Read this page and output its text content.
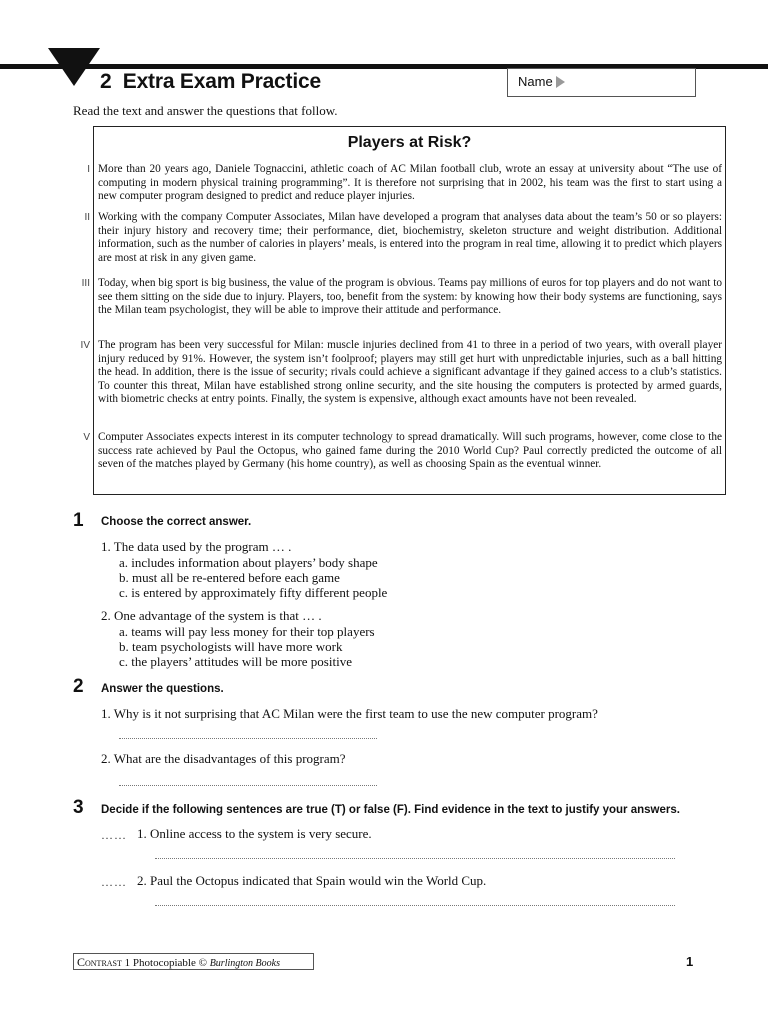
2 Extra Exam Practice	Name
Read the text and answer the questions that follow.
Players at Risk?
More than 20 years ago, Daniele Tognaccini, athletic coach of AC Milan football club, wrote an essay at university about “The use of computing in modern physical training programming”. It is therefore not surprising that in 2002, his team was the first to start using a new computer program designed to predict and reduce player injuries.
Working with the company Computer Associates, Milan have developed a program that analyses data about the team’s 50 or so players: their injury history and recovery time; their performance, diet, biochemistry, skeleton structure and weight distribution. Additional information, such as the number of calories in players’ meals, is entered into the program in real time, allowing it to predict which players are most at risk in any given game.
Today, when big sport is big business, the value of the program is obvious. Teams pay millions of euros for top players and do not want to see them sitting on the side due to injury. Players, too, benefit from the system: by knowing how their body systems are functioning, says the Milan team psychologist, they will be able to improve their attitude and performance.
The program has been very successful for Milan: muscle injuries declined from 41 to three in a period of two years, with overall player injury reduced by 91%. However, the system isn’t foolproof; players may still get hurt with unpredictable injuries, such as a ball hitting the head. In addition, there is the issue of security; rivals could achieve a significant advantage if they gained access to a club’s statistics. To counter this threat, Milan have established strong online security, and the site housing the computers is protected by armed guards, with biometric checks at entry points. Finally, the system is expensive, although exact amounts have not been revealed.
Computer Associates expects interest in its computer technology to spread dramatically. Will such programs, however, come close to the success rate achieved by Paul the Octopus, who gained fame during the 2010 World Cup? Paul correctly predicted the outcome of all seven of the matches played by Germany (his home country), as well as choosing Spain as the eventual winner.
I
II
III
IV
V
1 Choose the correct answer.
1. The data used by the program … .
a. includes information about players’ body shape
b. must all be re-entered before each game
c. is entered by approximately fifty different people
2. One advantage of the system is that … .
a. teams will pay less money for their top players
b. team psychologists will have more work
c. the players’ attitudes will be more positive
2 Answer the questions.
1. Why is it not surprising that AC Milan were the first team to use the new computer program?
2. What are the disadvantages of this program?
3 Decide if the following sentences are true (T) or false (F). Find evidence in the text to justify your answers.
…… 1. Online access to the system is very secure.
…… 2. Paul the Octopus indicated that Spain would win the World Cup.
Contrast 1 Photocopiable © Burlington Books	1
